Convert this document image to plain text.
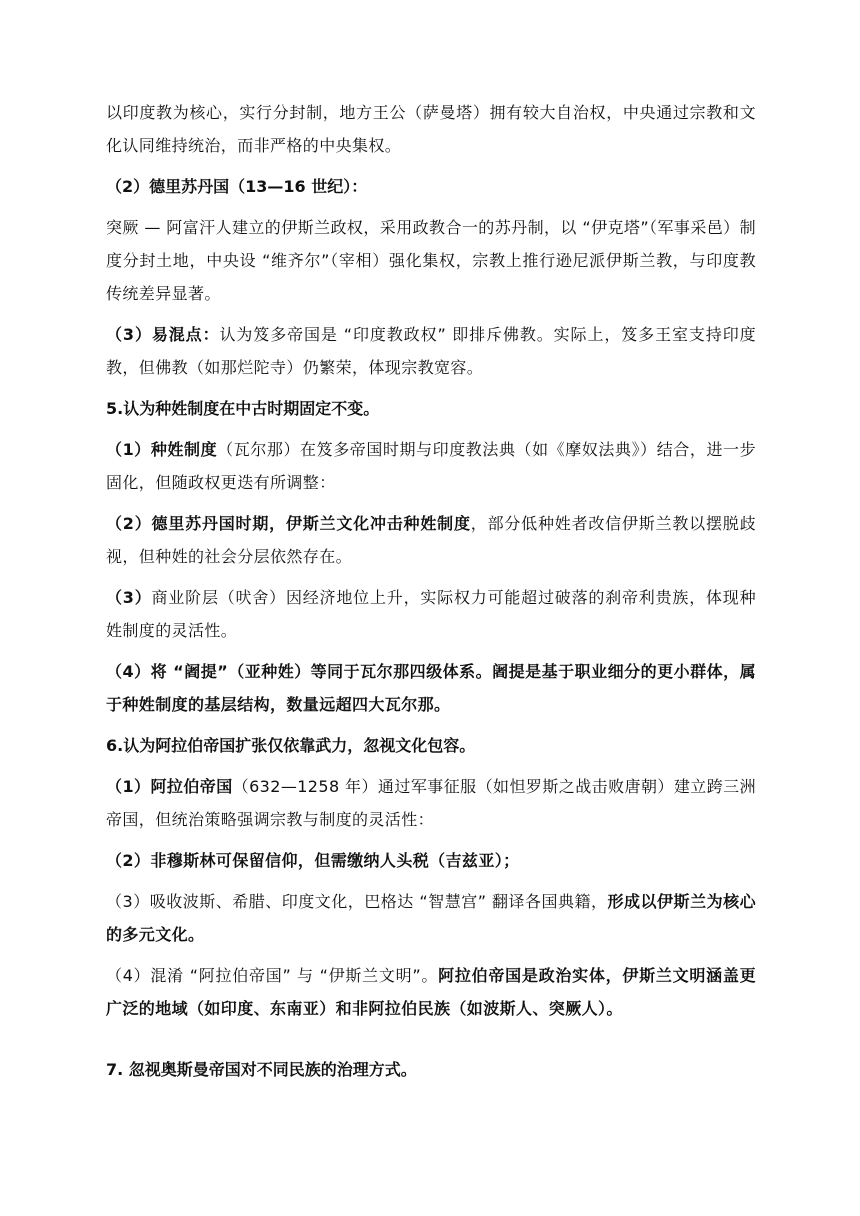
以印度教为核心，实行分封制，地方王公（萨曼塔）拥有较大自治权，中央通过宗教和文化认同维持统治，而非严格的中央集权。

（2）德里苏丹国（13—16 世纪）：

突厥 — 阿富汗人建立的伊斯兰政权，采用政教合一的苏丹制，以 “伊克塔”（军事采邑）制度分封土地，中央设 “维齐尔”（宰相）强化集权，宗教上推行逊尼派伊斯兰教，与印度教传统差异显著。

（3）易混点：认为笈多帝国是 “印度教政权” 即排斥佛教。实际上，笈多王室支持印度教，但佛教（如那烂陀寺）仍繁荣，体现宗教宽容。

5.认为种姓制度在中古时期固定不变。

（1）种姓制度（瓦尔那）在笈多帝国时期与印度教法典（如《摩奴法典》）结合，进一步固化，但随政权更迭有所调整：

（2）德里苏丹国时期，伊斯兰文化冲击种姓制度，部分低种姓者改信伊斯兰教以摆脱歧视，但种姓的社会分层依然存在。

（3）商业阶层（吠舍）因经济地位上升，实际权力可能超过破落的刹帝利贵族，体现种姓制度的灵活性。

（4）将 “阇提”（亚种姓）等同于瓦尔那四级体系。阇提是基于职业细分的更小群体，属于种姓制度的基层结构，数量远超四大瓦尔那。

6.认为阿拉伯帝国扩张仅依靠武力，忽视文化包容。

（1）阿拉伯帝国（632—1258 年）通过军事征服（如怛罗斯之战击败唐朝）建立跨三洲帝国，但统治策略强调宗教与制度的灵活性：

（2）非穆斯林可保留信仰，但需缴纳人头税（吉兹亚）；

（3）吸收波斯、希腊、印度文化，巴格达 “智慧宫” 翻译各国典籍，形成以伊斯兰为核心的多元文化。

（4）混淆 “阿拉伯帝国” 与 “伊斯兰文明”。阿拉伯帝国是政治实体，伊斯兰文明涵盖更广泛的地域（如印度、东南亚）和非阿拉伯民族（如波斯人、突厥人）。

7. 忽视奥斯曼帝国对不同民族的治理方式。
